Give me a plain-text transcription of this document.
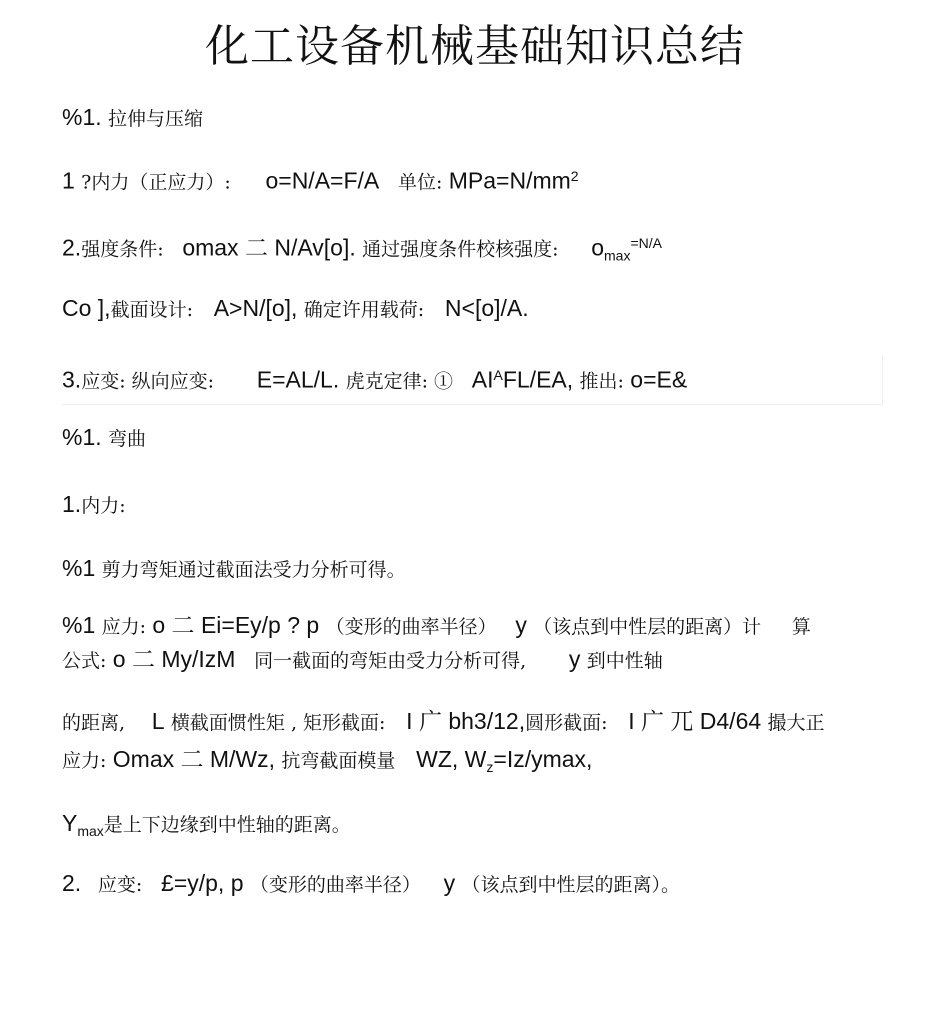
化工设备机械基础知识总结
%1. 拉伸与压缩
1 ?内力（正应力）: o=N/A=F/A 单位: $MPa=N/mm^2$
2.强度条件: omax 二 N/Av[o]. 通过强度条件校核强度: $o_{max}^{=N/A}$
Co ],截面设计: A>N/[o], 确定许用载荷: N<[o]/A.
3.应变: 纵向应变: E=AL/L. 虎克定律: ① $AI^AFL/EA$, 推出: o=E&
%1. 弯曲
1.内力:
%1 剪力弯矩通过截面法受力分析可得。
%1 应力: o 二 Ei=Ey/p ? p （变形的曲率半径） y （该点到中性层的距离）计 算
公式: o 二 My/IzM 同一截面的弯矩由受力分析可得, y 到中性轴
的距离, L 横截面惯性矩 , 矩形截面: I 广 bh3/12,圆形截面: I 广 兀 D4/64 撮大正
应力: Omax 二 M/Wz, 抗弯截面模量 WZ, $W_z=Iz$/ymax,
$Y_{max}$是上下边缘到中性轴的距离。
2. 应变: £=y/p, p （变形的曲率半径） y （该点到中性层的距离）。
